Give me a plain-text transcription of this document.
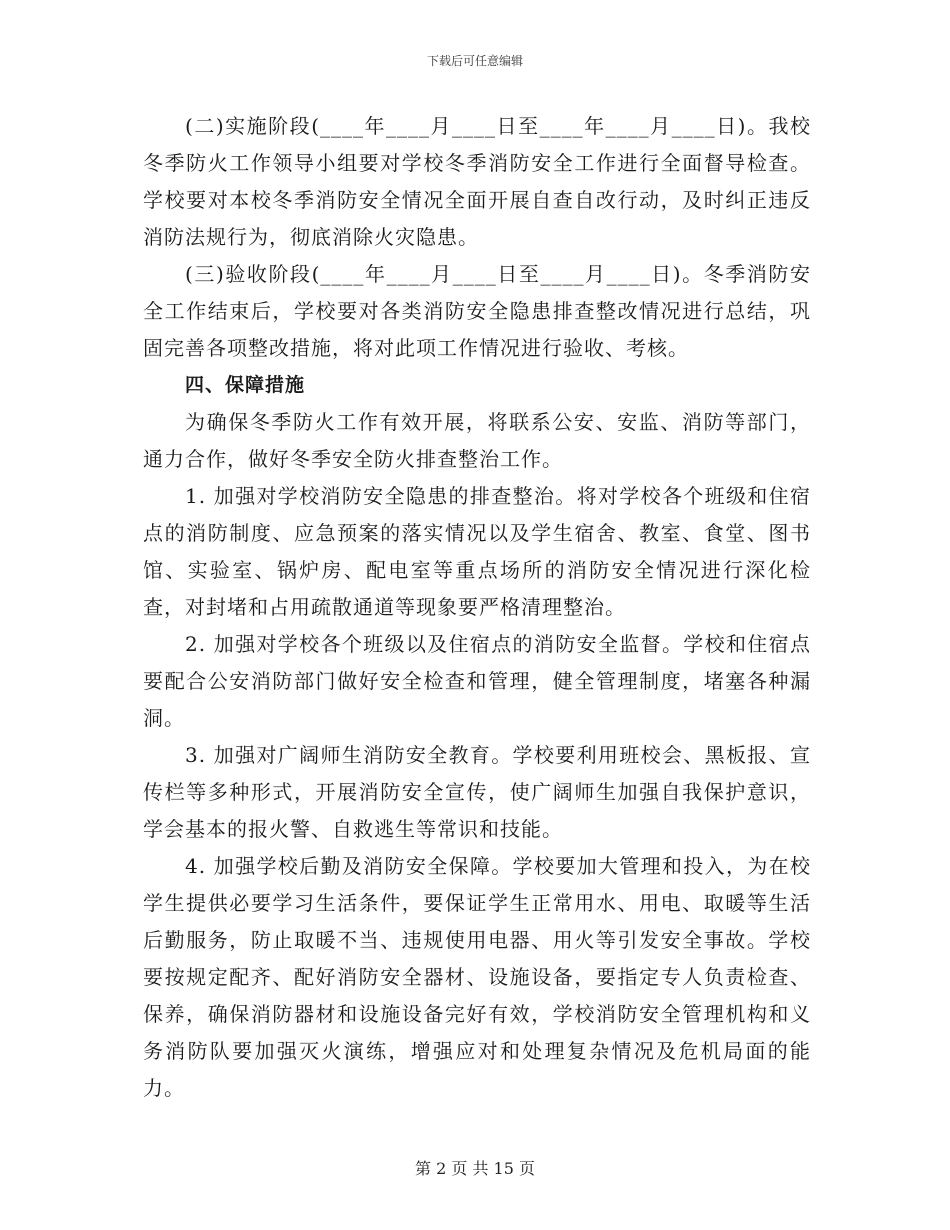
下载后可任意编辑

(二)实施阶段(____年____月____日至____年____月____日)。我校冬季防火工作领导小组要对学校冬季消防安全工作进行全面督导检查。学校要对本校冬季消防安全情况全面开展自查自改行动，及时纠正违反消防法规行为，彻底消除火灾隐患。

(三)验收阶段(____年____月____日至____月____日)。冬季消防安全工作结束后，学校要对各类消防安全隐患排查整改情况进行总结，巩固完善各项整改措施，将对此项工作情况进行验收、考核。

四、保障措施

为确保冬季防火工作有效开展，将联系公安、安监、消防等部门，通力合作，做好冬季安全防火排查整治工作。

1. 加强对学校消防安全隐患的排查整治。将对学校各个班级和住宿点的消防制度、应急预案的落实情况以及学生宿舍、教室、食堂、图书馆、实验室、锅炉房、配电室等重点场所的消防安全情况进行深化检查，对封堵和占用疏散通道等现象要严格清理整治。

2. 加强对学校各个班级以及住宿点的消防安全监督。学校和住宿点要配合公安消防部门做好安全检查和管理，健全管理制度，堵塞各种漏洞。

3. 加强对广阔师生消防安全教育。学校要利用班校会、黑板报、宣传栏等多种形式，开展消防安全宣传，使广阔师生加强自我保护意识，学会基本的报火警、自救逃生等常识和技能。

4. 加强学校后勤及消防安全保障。学校要加大管理和投入，为在校学生提供必要学习生活条件，要保证学生正常用水、用电、取暖等生活后勤服务，防止取暖不当、违规使用电器、用火等引发安全事故。学校要按规定配齐、配好消防安全器材、设施设备，要指定专人负责检查、保养，确保消防器材和设施设备完好有效，学校消防安全管理机构和义务消防队要加强灭火演练，增强应对和处理复杂情况及危机局面的能力。

第 2 页 共 15 页
